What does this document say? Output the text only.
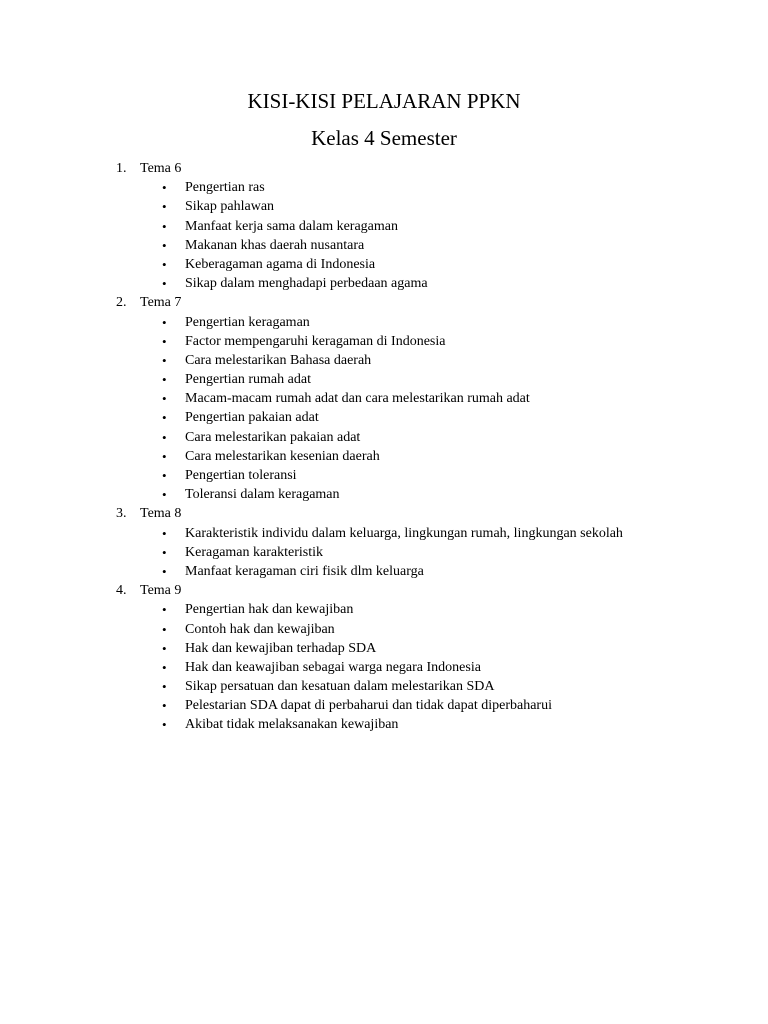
KISI-KISI PELAJARAN PPKN
Kelas 4 Semester
1. Tema 6
• Pengertian ras
• Sikap pahlawan
• Manfaat kerja sama dalam keragaman
• Makanan khas daerah nusantara
• Keberagaman agama di Indonesia
• Sikap dalam menghadapi perbedaan agama
2. Tema 7
• Pengertian keragaman
• Factor mempengaruhi keragaman di Indonesia
• Cara melestarikan Bahasa daerah
• Pengertian rumah adat
• Macam-macam rumah adat dan cara melestarikan rumah adat
• Pengertian pakaian adat
• Cara melestarikan pakaian adat
• Cara melestarikan kesenian daerah
• Pengertian toleransi
• Toleransi dalam keragaman
3. Tema 8
• Karakteristik individu dalam keluarga, lingkungan rumah, lingkungan sekolah
• Keragaman karakteristik
• Manfaat keragaman ciri fisik dlm keluarga
4. Tema 9
• Pengertian hak dan kewajiban
• Contoh hak dan kewajiban
• Hak dan kewajiban terhadap SDA
• Hak dan keawajiban sebagai warga negara Indonesia
• Sikap persatuan dan kesatuan dalam melestarikan SDA
• Pelestarian SDA dapat di perbaharui dan tidak dapat diperbaharui
• Akibat tidak melaksanakan kewajiban
